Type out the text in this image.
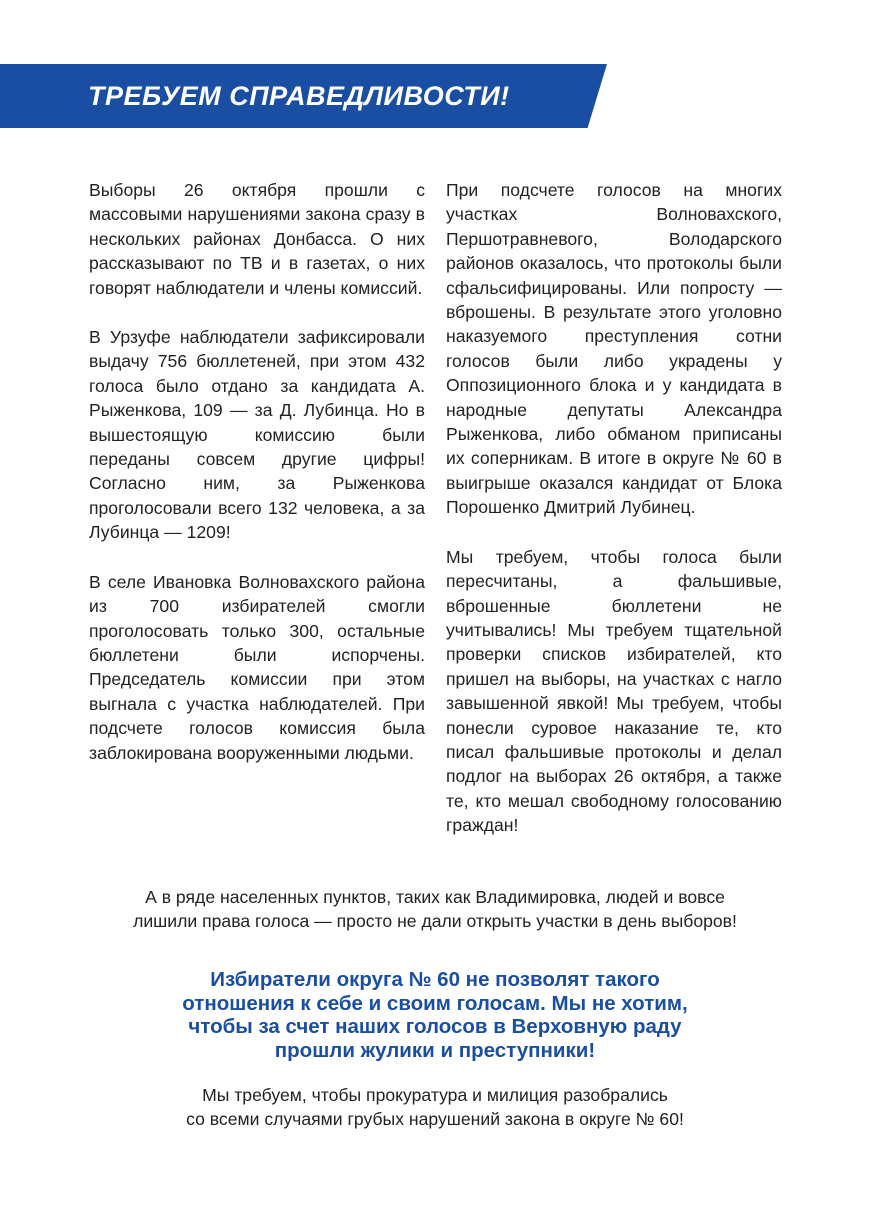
ТРЕБУЕМ СПРАВЕДЛИВОСТИ!

Выборы 26 октября прошли с массовыми нарушениями закона сразу в нескольких районах Донбасса. О них рассказывают по ТВ и в газетах, о них говорят наблюдатели и члены комиссий.

В Урзуфе наблюдатели зафиксировали выдачу 756 бюллетеней, при этом 432 голоса было отдано за кандидата А. Рыженкова, 109 — за Д. Лубинца. Но в вышестоящую комиссию были переданы совсем другие цифры! Согласно ним, за Рыженкова проголосовали всего 132 человека, а за Лубинца — 1209!

В селе Ивановка Волновахского района из 700 избирателей смогли проголосовать только 300, остальные бюллетени были испорчены. Председатель комиссии при этом выгнала с участка наблюдателей. При подсчете голосов комиссия была заблокирована вооруженными людьми.

При подсчете голосов на многих участках Волновахского, Першотравневого, Володарского районов оказалось, что протоколы были сфальсифицированы. Или попросту — вброшены. В результате этого уголовно наказуемого преступления сотни голосов были либо украдены у Оппозиционного блока и у кандидата в народные депутаты Александра Рыженкова, либо обманом приписаны их соперникам. В итоге в округе № 60 в выигрыше оказался кандидат от Блока Порошенко Дмитрий Лубинец.

Мы требуем, чтобы голоса были пересчитаны, а фальшивые, вброшенные бюллетени не учитывались! Мы требуем тщательной проверки списков избирателей, кто пришел на выборы, на участках с нагло завышенной явкой! Мы требуем, чтобы понесли суровое наказание те, кто писал фальшивые протоколы и делал подлог на выборах 26 октября, а также те, кто мешал свободному голосованию граждан!

А в ряде населенных пунктов, таких как Владимировка, людей и вовсе
лишили права голоса — просто не дали открыть участки в день выборов!

Избиратели округа № 60 не позволят такого
отношения к себе и своим голосам. Мы не хотим,
чтобы за счет наших голосов в Верховную раду
прошли жулики и преступники!

Мы требуем, чтобы прокуратура и милиция разобрались
со всеми случаями грубых нарушений закона в округе № 60!
